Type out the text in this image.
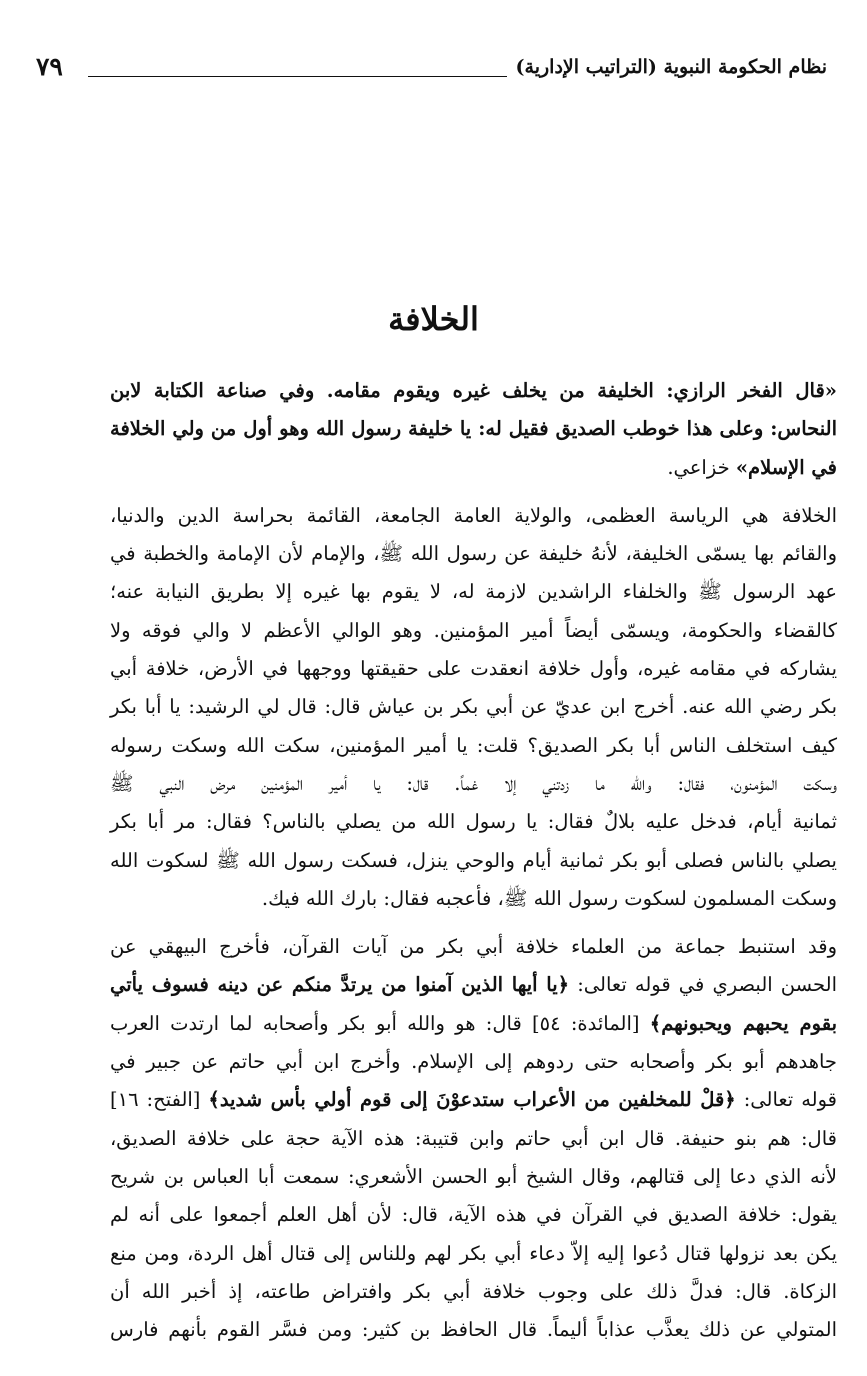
٧٩	نظام الحكومة النبوية (التراتيب الإدارية)
الخلافة
«قال الفخر الرازي: الخليفة من يخلف غيره ويقوم مقامه. وفي صناعة الكتابة لابن
النحاس: وعلى هذا خوطب الصديق فقيل له: يا خليفة رسول الله وهو أول من ولي الخلافة
في الإسلام» خزاعي.
الخلافة هي الرياسة العظمى، والولاية العامة الجامعة، القائمة بحراسة الدين والدنيا،
والقائم بها يسمّى الخليفة، لأنهُ خليفة عن رسول الله ﷺ، والإمام لأن الإمامة والخطبة في
عهد الرسول ﷺ والخلفاء الراشدين لازمة له، لا يقوم بها غيره إلا بطريق النيابة عنه؛
كالقضاء والحكومة، ويسمّى أيضاً أمير المؤمنين. وهو الوالي الأعظم لا والي فوقه ولا
يشاركه في مقامه غيره، وأول خلافة انعقدت على حقيقتها ووجهها في الأرض، خلافة أبي
بكر رضي الله عنه. أخرج ابن عديّ عن أبي بكر بن عياش قال: قال لي الرشيد: يا أبا بكر
كيف استخلف الناس أبا بكر الصديق؟ قلت: يا أمير المؤمنين، سكت الله وسكت رسوله
وسكت المؤمنون، فقال: والله ما زدتني إلا غماً. قال: يا أمير المؤمنين مرض النبي ﷺ
ثمانية أيام، فدخل عليه بلالٌ فقال: يا رسول الله من يصلي بالناس؟ فقال: مر أبا بكر
يصلي بالناس فصلى أبو بكر ثمانية أيام والوحي ينزل، فسكت رسول الله ﷺ لسكوت الله
وسكت المسلمون لسكوت رسول الله ﷺ، فأعجبه فقال: بارك الله فيك.
وقد استنبط جماعة من العلماء خلافة أبي بكر من آيات القرآن، فأخرج البيهقي عن
الحسن البصري في قوله تعالى: ﴿يا أيها الذين آمنوا من يرتدَّ منكم عن دينه فسوف يأتي
بقوم يحبهم ويحبونهم﴾ [المائدة: ٥٤] قال: هو والله أبو بكر وأصحابه لما ارتدت العرب
جاهدهم أبو بكر وأصحابه حتى ردوهم إلى الإسلام. وأخرج ابن أبي حاتم عن جبير في
قوله تعالى: ﴿قلْ للمخلفين من الأعراب ستدعوْنَ إلى قوم أولي بأس شديد﴾ [الفتح: ١٦]
قال: هم بنو حنيفة. قال ابن أبي حاتم وابن قتيبة: هذه الآية حجة على خلافة الصديق،
لأنه الذي دعا إلى قتالهم، وقال الشيخ أبو الحسن الأشعري: سمعت أبا العباس بن شريح
يقول: خلافة الصديق في القرآن في هذه الآية، قال: لأن أهل العلم أجمعوا على أنه لم
يكن بعد نزولها قتال دُعوا إليه إلاّ دعاء أبي بكر لهم وللناس إلى قتال أهل الردة، ومن منع
الزكاة. قال: فدلَّ ذلك على وجوب خلافة أبي بكر وافتراض طاعته، إذ أخبر الله أن
المتولي عن ذلك يعذَّب عذاباً أليماً. قال الحافظ بن كثير: ومن فسَّر القوم بأنهم فارس
